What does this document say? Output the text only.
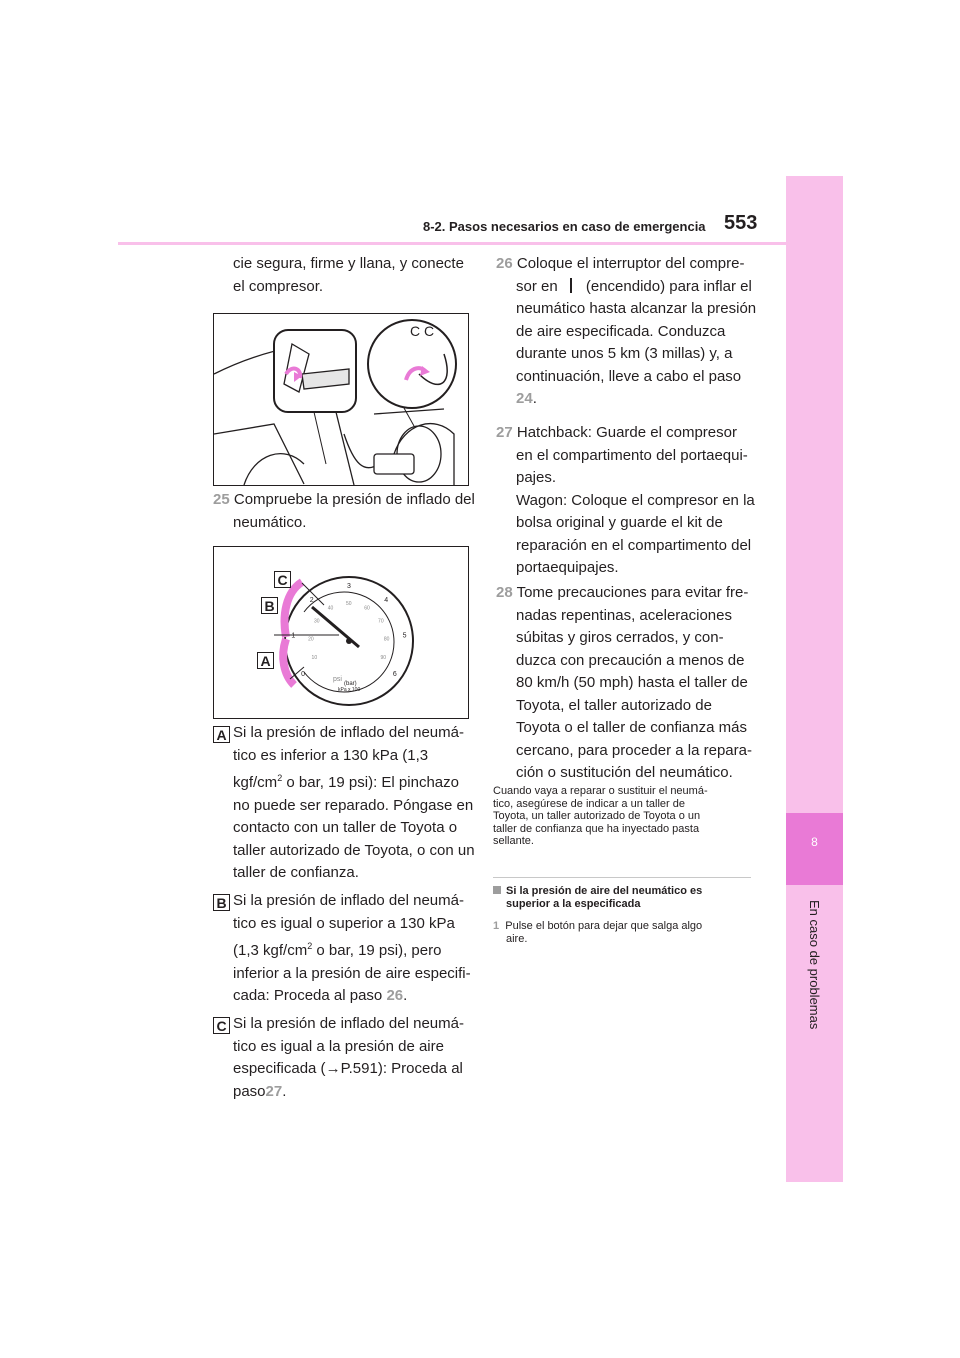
8
En caso de problemas
8-2. Pasos necesarios en caso de emergencia 553
cie segura, firme y llana, y conecte
el compresor.
C C
25 Compruebe la presión de inflado del
neumático.
0
1
2
3
4
5
6
10
20
30
40
50
60
70
80
90
C
B
A
psi
(bar)
kPa x 100
A Si la presión de inflado del neumá-
tico es inferior a 130 kPa (1,3
kgf/$cm^2$ o bar, 19 psi): El pinchazo
no puede ser reparado. Póngase en
contacto con un taller de Toyota o
taller autorizado de Toyota, o con un
taller de confianza.
B Si la presión de inflado del neumá-
tico es igual o superior a 130 kPa
(1,3 kgf/$cm^2$ o bar, 19 psi), pero
inferior a la presión de aire especifi-
cada: Proceda al paso 26.
C Si la presión de inflado del neumá-
tico es igual a la presión de aire
especificada (→P.591): Proceda al
paso27.
26 Coloque el interruptor del compre-
sor en (encendido) para inflar el
neumático hasta alcanzar la presión
de aire especificada. Conduzca
durante unos 5 km (3 millas) y, a
continuación, lleve a cabo el paso
24.
27 Hatchback: Guarde el compresor
en el compartimento del portaequi-
pajes.
Wagon: Coloque el compresor en la
bolsa original y guarde el kit de
reparación en el compartimento del
portaequipajes.
28 Tome precauciones para evitar fre-
nadas repentinas, aceleraciones
súbitas y giros cerrados, y con-
duzca con precaución a menos de
80 km/h (50 mph) hasta el taller de
Toyota, el taller autorizado de
Toyota o el taller de confianza más
cercano, para proceder a la repara-
ción o sustitución del neumático.
Cuando vaya a reparar o sustituir el neumá-
tico, asegúrese de indicar a un taller de
Toyota, un taller autorizado de Toyota o un
taller de confianza que ha inyectado pasta
sellante.
Si la presión de aire del neumático es
superior a la especificada
1 Pulse el botón para dejar que salga algo
aire.
